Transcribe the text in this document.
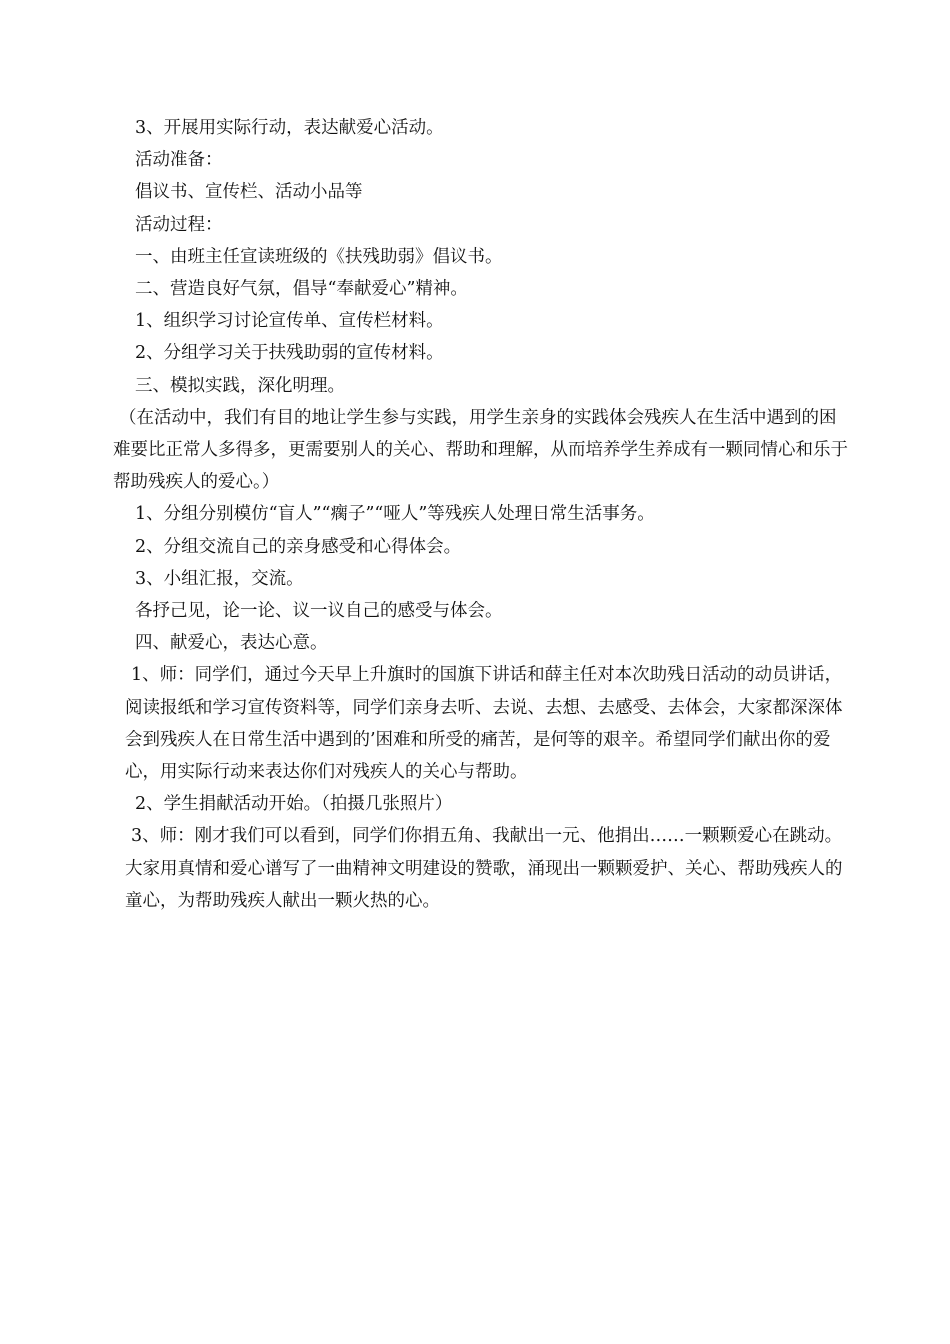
3、开展用实际行动，表达献爱心活动。

活动准备：

倡议书、宣传栏、活动小品等

活动过程：

一、由班主任宣读班级的《扶残助弱》倡议书。

二、营造良好气氛，倡导“奉献爱心”精神。

1、组织学习讨论宣传单、宣传栏材料。

2、分组学习关于扶残助弱的宣传材料。

三、模拟实践，深化明理。

（在活动中，我们有目的地让学生参与实践，用学生亲身的实践体会残疾人在生活中遇到的困难要比正常人多得多，更需要别人的关心、帮助和理解，从而培养学生养成有一颗同情心和乐于帮助残疾人的爱心。）

1、分组分别模仿“盲人”“瘸子”“哑人”等残疾人处理日常生活事务。

2、分组交流自己的亲身感受和心得体会。

3、小组汇报，交流。

各抒己见，论一论、议一议自己的感受与体会。

四、献爱心，表达心意。

1、师：同学们，通过今天早上升旗时的国旗下讲话和薛主任对本次助残日活动的动员讲话，阅读报纸和学习宣传资料等，同学们亲身去听、去说、去想、去感受、去体会，大家都深深体会到残疾人在日常生活中遇到的’困难和所受的痛苦，是何等的艰辛。希望同学们献出你的爱心，用实际行动来表达你们对残疾人的关心与帮助。

2、学生捐献活动开始。（拍摄几张照片）

3、师：刚才我们可以看到，同学们你捐五角、我献出一元、他捐出……一颗颗爱心在跳动。大家用真情和爱心谱写了一曲精神文明建设的赞歌，涌现出一颗颗爱护、关心、帮助残疾人的童心，为帮助残疾人献出一颗火热的心。
